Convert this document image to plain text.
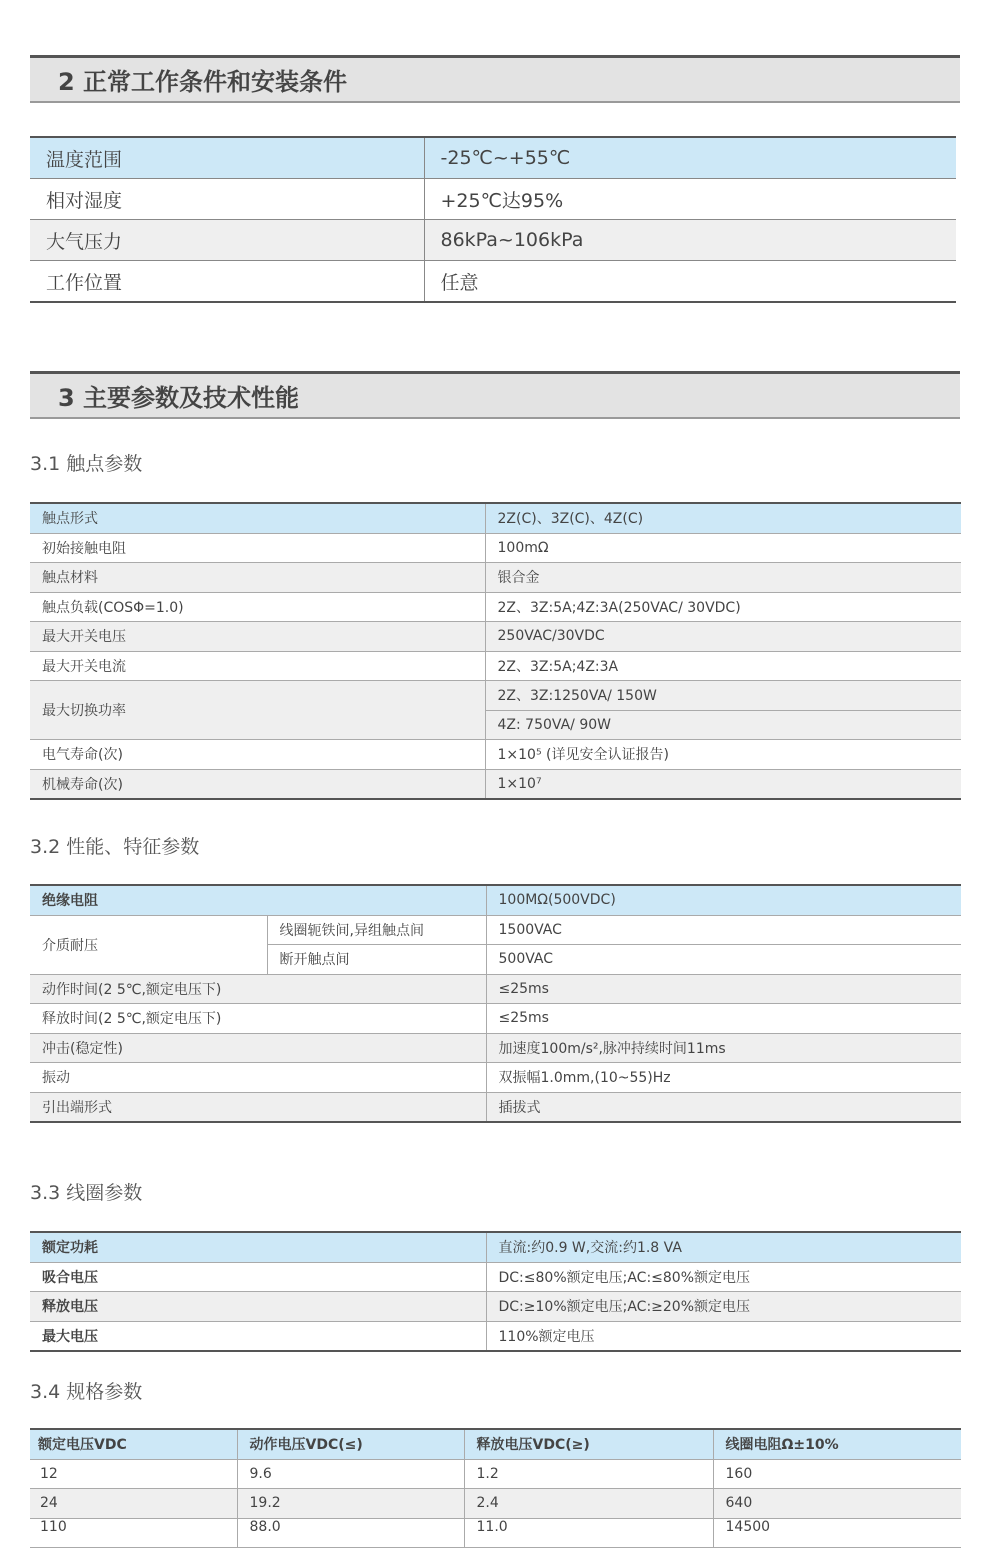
2 正常工作条件和安装条件
温度范围	-25℃~+55℃
相对湿度	+25℃达95%
大气压力	86kPa~106kPa
工作位置	任意
3 主要参数及技术性能
3.1 触点参数
触点形式	2Z(C)、3Z(C)、4Z(C)
初始接触电阻	100mΩ
触点材料	银合金
触点负载(COSΦ=1.0)	2Z、3Z:5A;4Z:3A(250VAC/ 30VDC)
最大开关电压	250VAC/30VDC
最大开关电流	2Z、3Z:5A;4Z:3A
最大切换功率	2Z、3Z:1250VA/ 150W
	4Z: 750VA/ 90W
电气寿命(次)	1×10⁵ (详见安全认证报告)
机械寿命(次)	1×10⁷
3.2 性能、特征参数
绝缘电阻		100MΩ(500VDC)
介质耐压	线圈轭铁间,异组触点间	1500VAC
	断开触点间	500VAC
动作时间(2 5℃,额定电压下)		≤25ms
释放时间(2 5℃,额定电压下)		≤25ms
冲击(稳定性)		加速度100m/s²,脉冲持续时间11ms
振动		双振幅1.0mm,(10~55)Hz
引出端形式		插拔式
3.3 线圈参数
额定功耗	直流:约0.9 W,交流:约1.8 VA
吸合电压	DC:≤80%额定电压;AC:≤80%额定电压
释放电压	DC:≥10%额定电压;AC:≥20%额定电压
最大电压	110%额定电压
3.4 规格参数
额定电压VDC	动作电压VDC(≤)	释放电压VDC(≥)	线圈电阻Ω±10%
12	9.6	1.2	160
24	19.2	2.4	640
110	88.0	11.0	14500
